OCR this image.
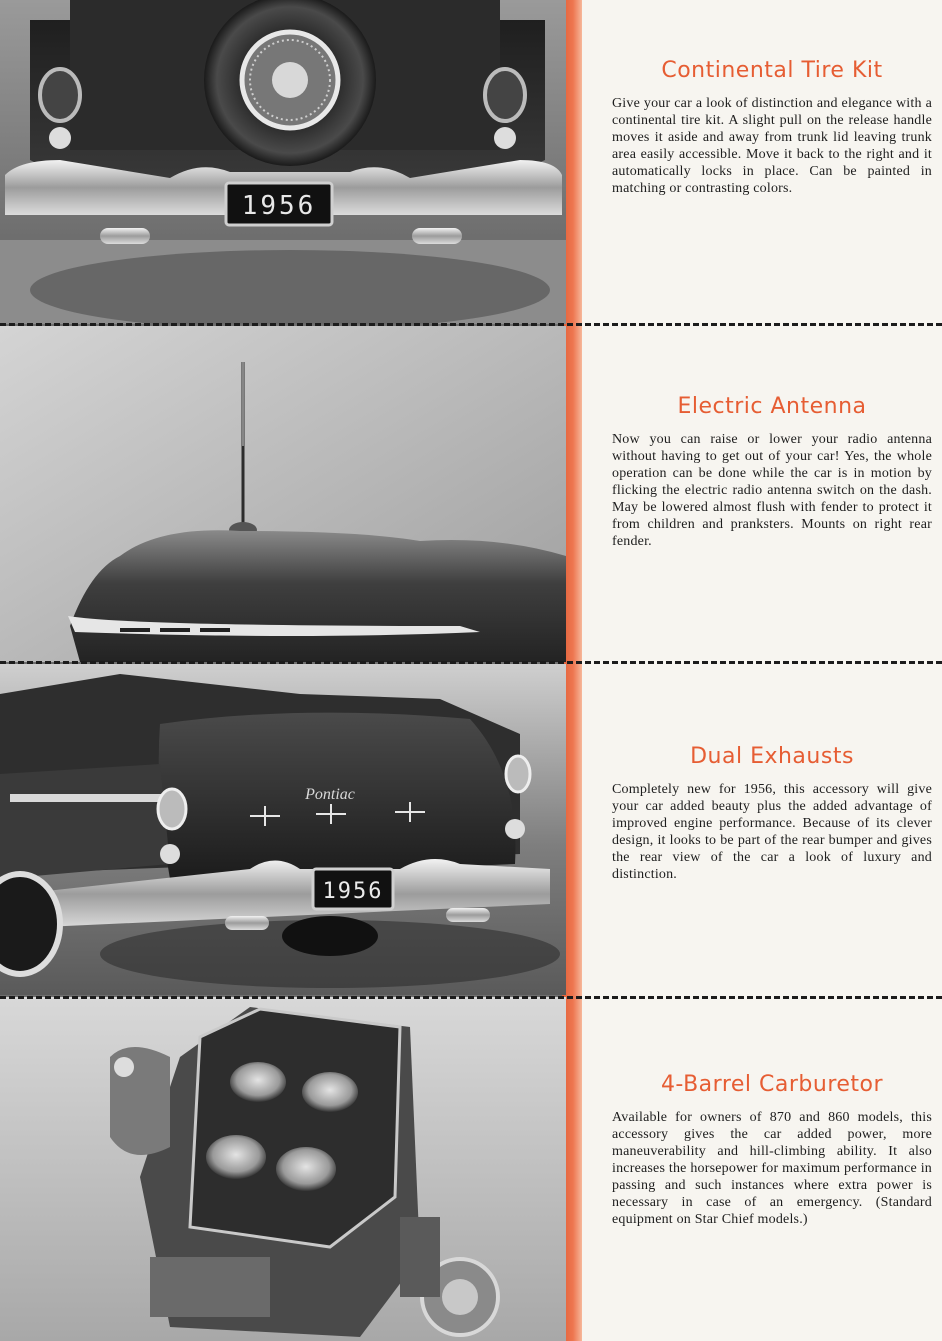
1956
Pontiac
1956
Continental Tire Kit

Give your car a look of distinction and elegance with a continental tire kit. A slight pull on the release handle moves it aside and away from trunk lid leaving trunk area easily accessible. Move it back to the right and it automatically locks in place. Can be painted in matching or contrasting colors.

Electric Antenna

Now you can raise or lower your radio antenna without having to get out of your car! Yes, the whole operation can be done while the car is in motion by flicking the electric radio antenna switch on the dash. May be lowered almost flush with fender to protect it from children and pranksters. Mounts on right rear fender.

Dual Exhausts

Completely new for 1956, this accessory will give your car added beauty plus the added advantage of improved engine performance. Because of its clever design, it looks to be part of the rear bumper and gives the rear view of the car a look of luxury and distinction.

4-Barrel Carburetor

Available for owners of 870 and 860 models, this accessory gives the car added power, more maneuverability and hill-climbing ability. It also increases the horsepower for maximum performance in passing and such instances where extra power is necessary in case of an emergency. (Standard equipment on Star Chief models.)
